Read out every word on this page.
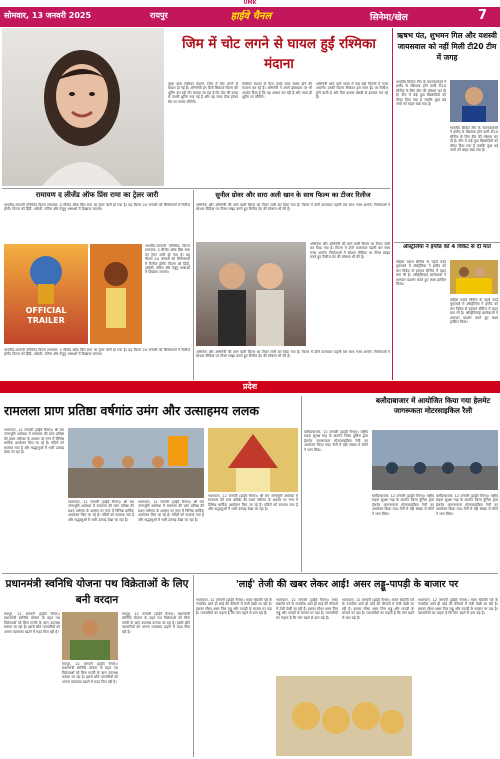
UMK
सोमवार, 13 जनवरी 2025	रायपुर	हाईवे चैनल	सिनेमा/खेल	7
जिम में चोट लगने से घायल हुईं रश्मिका मंदाना
पुष्पा स्टार रश्मिका मंदाना, जिम में चोट लगने से घायल हो गई हैं। अभिनेत्री इन दिनों सिकंदर फिल्म की शूटिंग कर रही थीं। बताया जा रहा है कि चोट की वजह से उनकी शूटिंग रुक गई है और वह जल्द ठीक होकर सेट पर वापस लौटेंगी।
रश्मिका मंदाना के फैंस उनके जल्द स्वस्थ होने की कामना कर रहे हैं। अभिनेत्री ने अपने इंस्टाग्राम पर भी अपडेट दिया है कि वह आराम कर रही हैं और जल्द ही शूटिंग पर लौटेंगी।
अभिनेत्री आने वाले समय में कई बड़ी फिल्मों में नजर आएंगी। उनकी फिल्म सिकंदर इस साल ईद पर रिलीज होने वाली है और फैंस इसका बेसब्री से इंतजार कर रहे हैं।
ऋषभ पंत, शुभमन गिल और यशस्वी जायसवाल को नहीं मिली टी20 टीम में जगह
भारतीय क्रिकेट टीम के चयनकर्ताओं ने इंग्लैंड के खिलाफ होने वाली टी20 सीरीज के लिए टीम की घोषणा कर दी है। टीम में कई युवा खिलाड़ियों को मौका दिया गया है जबकि कुछ बड़े नामों को बाहर रखा गया है।
भारतीय क्रिकेट टीम के चयनकर्ताओं ने इंग्लैंड के खिलाफ होने वाली टी20 सीरीज के लिए टीम की घोषणा कर दी है। टीम में कई युवा खिलाड़ियों को मौका दिया गया है जबकि कुछ बड़े नामों को बाहर रखा गया है।
ऑस्ट्रेलिया ने इंग्लैंड को 4 विकेट से दी मात
महिला एशेज सीरीज के पहले वनडे मुकाबले में ऑस्ट्रेलिया ने इंग्लैंड को चार विकेट से हराकर सीरीज में बढ़त बना ली है। ऑस्ट्रेलियाई बल्लेबाजों ने शानदार प्रदर्शन करते हुए लक्ष्य हासिल किया।
महिला एशेज सीरीज के पहले वनडे मुकाबले में ऑस्ट्रेलिया ने इंग्लैंड को चार विकेट से हराकर सीरीज में बढ़त बना ली है। ऑस्ट्रेलियाई बल्लेबाजों ने शानदार प्रदर्शन करते हुए लक्ष्य हासिल किया।
रामायण द लीजेंड ऑफ प्रिंस रामा का ट्रेलर जारी
भारतीय-जापानी एनिमेटेड फिल्म रामायण: द लीजेंड ऑफ प्रिंस रामा का ट्रेलर जारी हो गया है। यह फिल्म 24 जनवरी को सिनेमाघरों में रिलीज होगी। फिल्म को हिंदी, अंग्रेजी, तमिल और तेलुगु भाषाओं में दिखाया जाएगा।
OFFICIAL TRAILER
भारतीय-जापानी एनिमेटेड फिल्म रामायण: द लीजेंड ऑफ प्रिंस रामा का ट्रेलर जारी हो गया है। यह फिल्म 24 जनवरी को सिनेमाघरों में रिलीज होगी। फिल्म को हिंदी, अंग्रेजी, तमिल और तेलुगु भाषाओं में दिखाया जाएगा।
भारतीय-जापानी एनिमेटेड फिल्म रामायण: द लीजेंड ऑफ प्रिंस रामा का ट्रेलर जारी हो गया है। यह फिल्म 24 जनवरी को सिनेमाघरों में रिलीज होगी। फिल्म को हिंदी, अंग्रेजी, तमिल और तेलुगु भाषाओं में दिखाया जाएगा।
सुनील ग्रोवर और सारा अली खान के साथ फिल्म का टीजर रिलीज
अभिनेता और अभिनेत्री की आने वाली फिल्म का टीजर जारी कर दिया गया है। फिल्म में दोनों कलाकार पहली बार साथ नजर आएंगे। निर्माताओं ने सोशल मीडिया पर टीजर साझा करते हुए रिलीज डेट की घोषणा भी की है।
अभिनेता और अभिनेत्री की आने वाली फिल्म का टीजर जारी कर दिया गया है। फिल्म में दोनों कलाकार पहली बार साथ नजर आएंगे। निर्माताओं ने सोशल मीडिया पर टीजर साझा करते हुए रिलीज डेट की घोषणा भी की है।
अभिनेता और अभिनेत्री की आने वाली फिल्म का टीजर जारी कर दिया गया है। फिल्म में दोनों कलाकार पहली बार साथ नजर आएंगे। निर्माताओं ने सोशल मीडिया पर टीजर साझा करते हुए रिलीज डेट की घोषणा भी की है।
प्रदेश
रामलला प्राण प्रतिष्ठा वर्षगांठ उमंग और उत्साहमय ललक
भाटापारा, 12 जनवरी (हाईवे चैनल)। श्री राम जन्मभूमि अयोध्या में रामलला की प्राण प्रतिष्ठा की प्रथम वर्षगांठ के अवसर पर नगर में विभिन्न धार्मिक आयोजन किए जा रहे हैं। मंदिरों को सजाया गया है और श्रद्धालुओं में भारी उत्साह देखा जा रहा है।
भाटापारा, 12 जनवरी (हाईवे चैनल)। श्री राम जन्मभूमि अयोध्या में रामलला की प्राण प्रतिष्ठा की प्रथम वर्षगांठ के अवसर पर नगर में विभिन्न धार्मिक आयोजन किए जा रहे हैं। मंदिरों को सजाया गया है और श्रद्धालुओं में भारी उत्साह देखा जा रहा है।
भाटापारा, 12 जनवरी (हाईवे चैनल)। श्री राम जन्मभूमि अयोध्या में रामलला की प्राण प्रतिष्ठा की प्रथम वर्षगांठ के अवसर पर नगर में विभिन्न धार्मिक आयोजन किए जा रहे हैं। मंदिरों को सजाया गया है और श्रद्धालुओं में भारी उत्साह देखा जा रहा है।
भाटापारा, 12 जनवरी (हाईवे चैनल)। श्री राम जन्मभूमि अयोध्या में रामलला की प्राण प्रतिष्ठा की प्रथम वर्षगांठ के अवसर पर नगर में विभिन्न धार्मिक आयोजन किए जा रहे हैं। मंदिरों को सजाया गया है और श्रद्धालुओं में भारी उत्साह देखा जा रहा है।
बलौदाबाजार में आयोजित किया गया हेलमेट जागरूकता मोटरसाइकिल रैली
बलौदाबाजार, 12 जनवरी (हाईवे चैनल)। राष्ट्रीय सड़क सुरक्षा माह के अंतर्गत जिला पुलिस द्वारा हेलमेट जागरूकता मोटरसाइकिल रैली का आयोजन किया गया। रैली में बड़ी संख्या में लोगों ने भाग लिया।
बलौदाबाजार, 12 जनवरी (हाईवे चैनल)। राष्ट्रीय सड़क सुरक्षा माह के अंतर्गत जिला पुलिस द्वारा हेलमेट जागरूकता मोटरसाइकिल रैली का आयोजन किया गया। रैली में बड़ी संख्या में लोगों ने भाग लिया।
बलौदाबाजार, 12 जनवरी (हाईवे चैनल)। राष्ट्रीय सड़क सुरक्षा माह के अंतर्गत जिला पुलिस द्वारा हेलमेट जागरूकता मोटरसाइकिल रैली का आयोजन किया गया। रैली में बड़ी संख्या में लोगों ने भाग लिया।
प्रधानमंत्री स्वनिधि योजना पथ विक्रेताओं के लिए बनी वरदान
रायपुर, 12 जनवरी (हाईवे चैनल)। प्रधानमंत्री स्वनिधि योजना के तहत पथ विक्रेताओं को बिना गारंटी के ऋण उपलब्ध कराया जा रहा है। इससे छोटे व्यापारियों को अपना व्यवसाय बढ़ाने में मदद मिल रही है।
रायपुर, 12 जनवरी (हाईवे चैनल)। प्रधानमंत्री स्वनिधि योजना के तहत पथ विक्रेताओं को बिना गारंटी के ऋण उपलब्ध कराया जा रहा है। इससे छोटे व्यापारियों को अपना व्यवसाय बढ़ाने में मदद मिल रही है।
रायपुर, 12 जनवरी (हाईवे चैनल)। प्रधानमंत्री स्वनिधि योजना के तहत पथ विक्रेताओं को बिना गारंटी के ऋण उपलब्ध कराया जा रहा है। इससे छोटे व्यापारियों को अपना व्यवसाय बढ़ाने में मदद मिल रही है।
'लाई' तेजी की खबर लेकर आई! असर लड्डू-पापड़ी के बाजार पर
भाटापारा, 12 जनवरी (हाईवे चैनल)। मकर संक्रांति पर्व के नजदीक आते ही लाई की कीमतों में तेजी देखी जा रही है। इसका सीधा असर तिल लड्डू और पापड़ी के बाजार पर पड़ा है। व्यापारियों का कहना है कि मांग बढ़ने से दाम बढ़े हैं।
भाटापारा, 12 जनवरी (हाईवे चैनल)। मकर संक्रांति पर्व के नजदीक आते ही लाई की कीमतों में तेजी देखी जा रही है। इसका सीधा असर तिल लड्डू और पापड़ी के बाजार पर पड़ा है। व्यापारियों का कहना है कि मांग बढ़ने से दाम बढ़े हैं।
भाटापारा, 12 जनवरी (हाईवे चैनल)। मकर संक्रांति पर्व के नजदीक आते ही लाई की कीमतों में तेजी देखी जा रही है। इसका सीधा असर तिल लड्डू और पापड़ी के बाजार पर पड़ा है। व्यापारियों का कहना है कि मांग बढ़ने से दाम बढ़े हैं।
भाटापारा, 12 जनवरी (हाईवे चैनल)। मकर संक्रांति पर्व के नजदीक आते ही लाई की कीमतों में तेजी देखी जा रही है। इसका सीधा असर तिल लड्डू और पापड़ी के बाजार पर पड़ा है। व्यापारियों का कहना है कि मांग बढ़ने से दाम बढ़े हैं।
